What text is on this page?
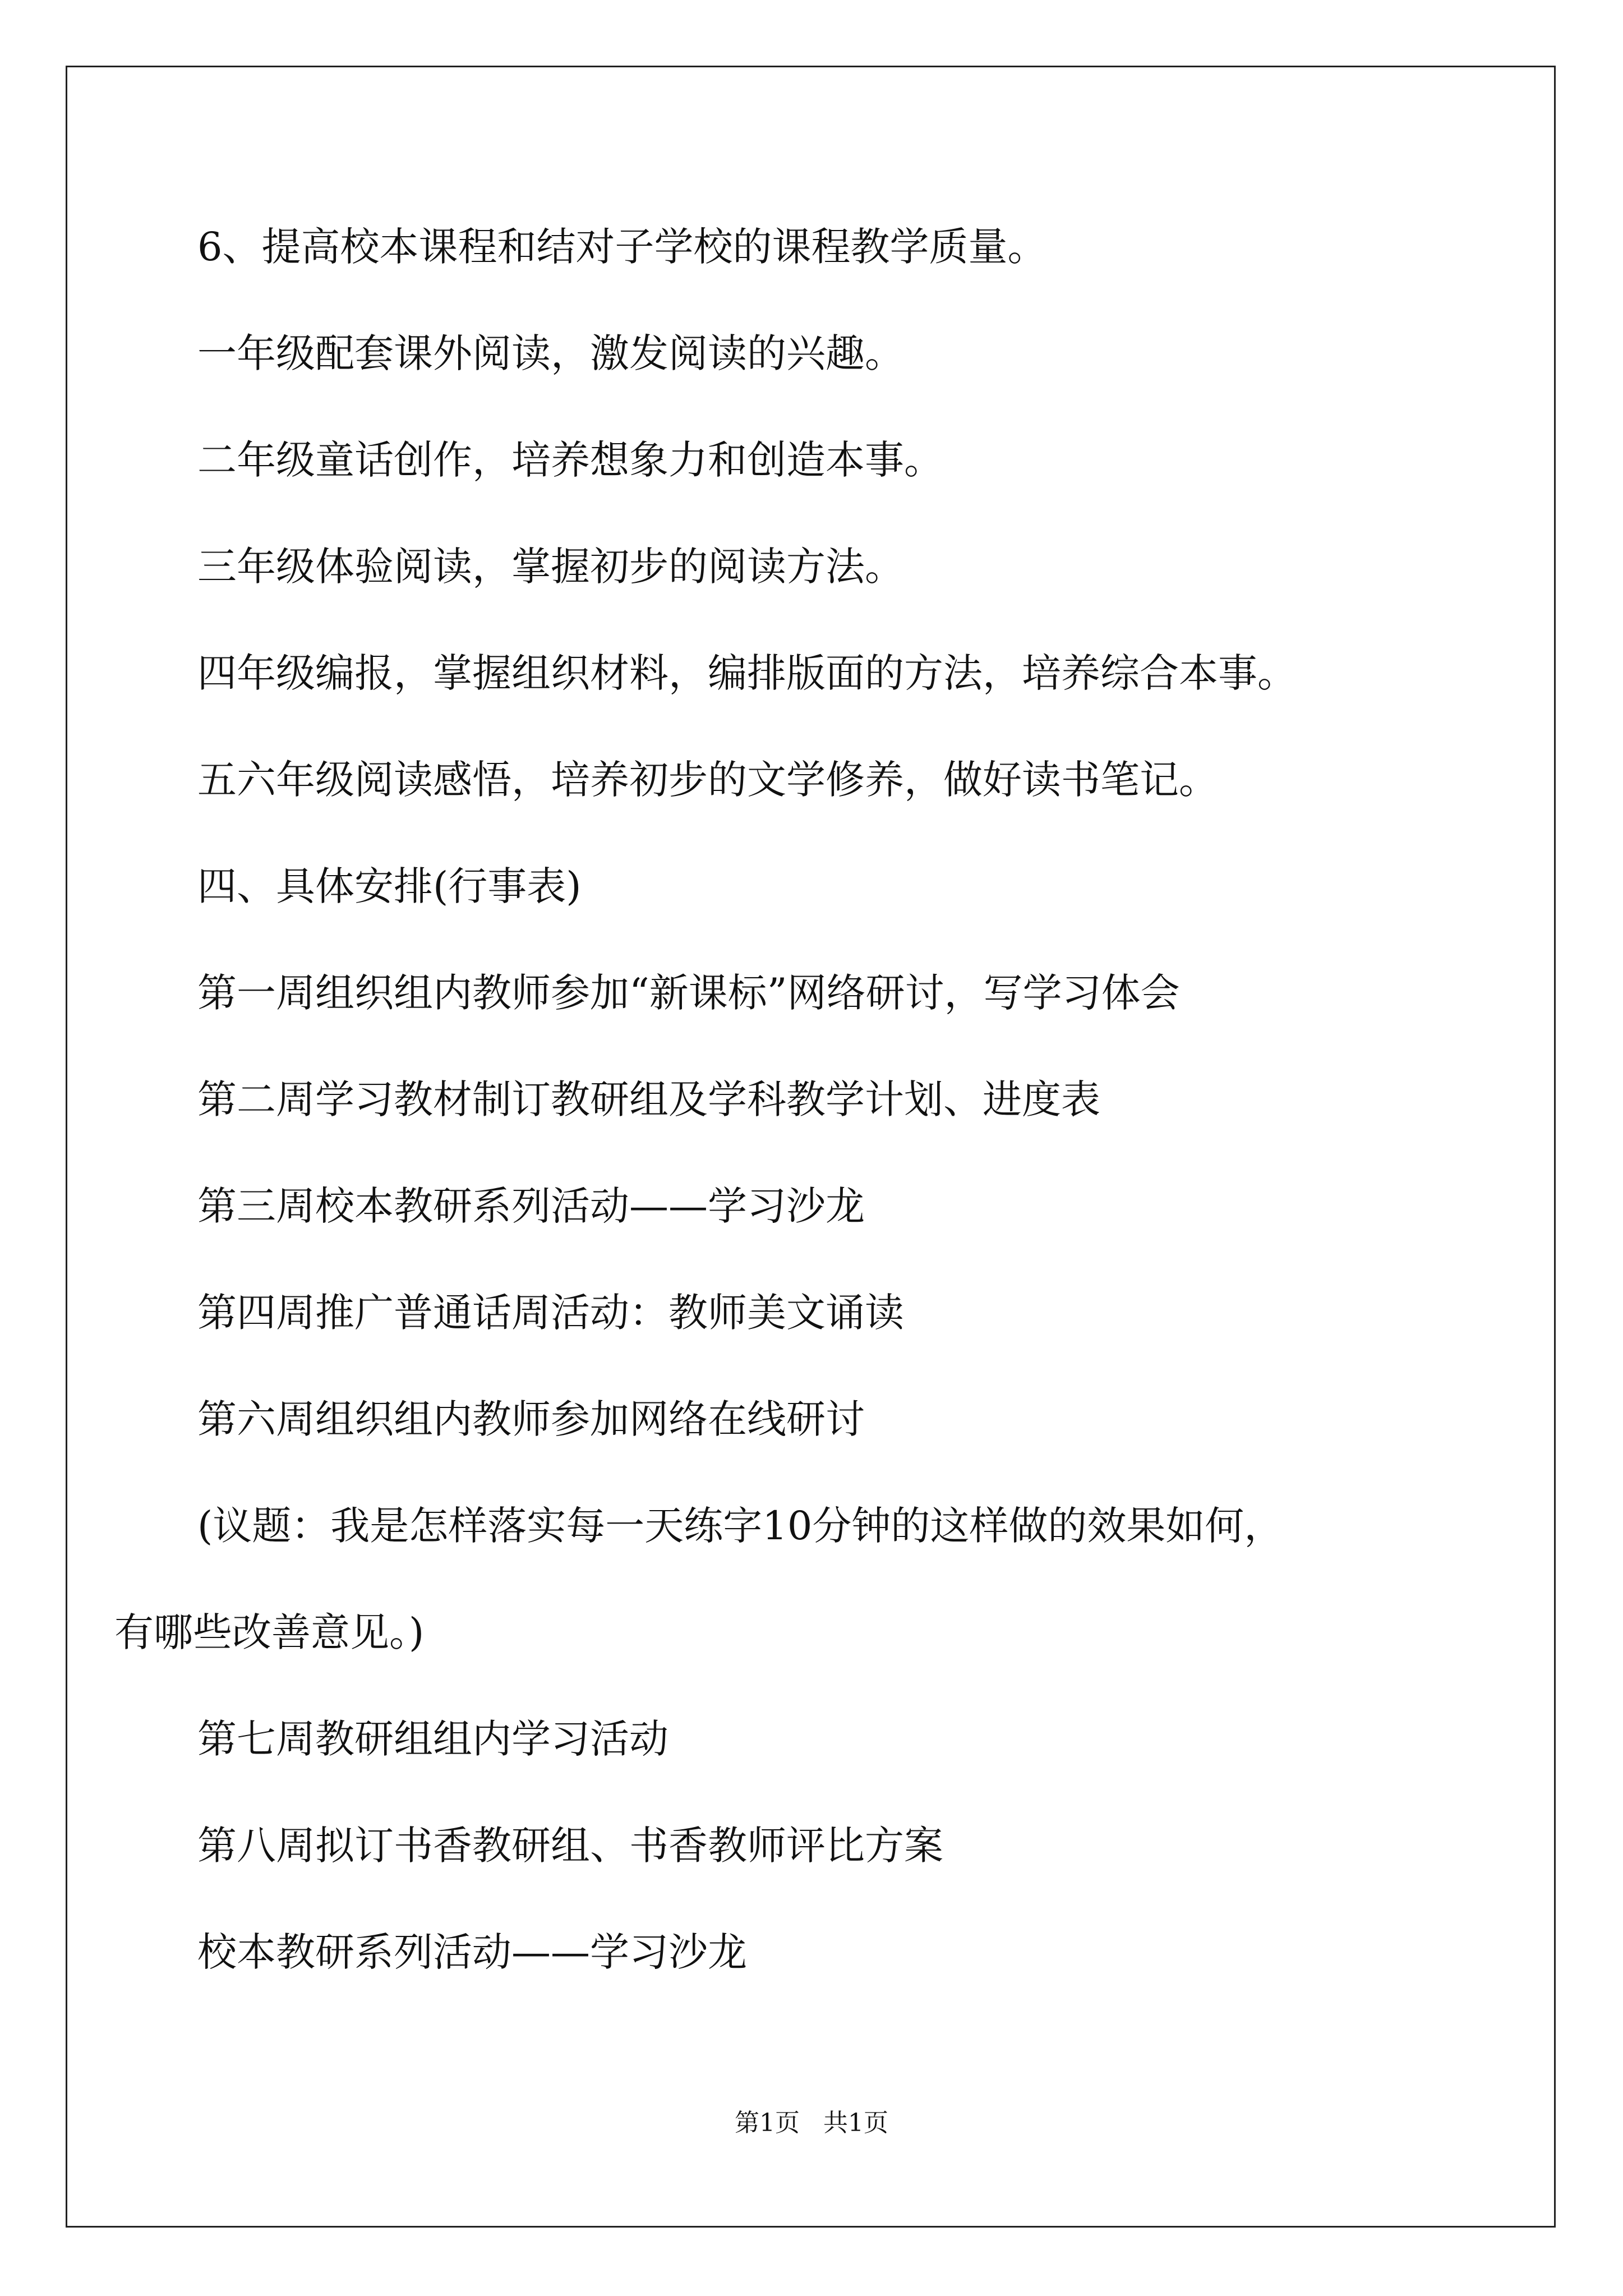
6、提高校本课程和结对子学校的课程教学质量。
一年级配套课外阅读，激发阅读的兴趣。
二年级童话创作，培养想象力和创造本事。
三年级体验阅读，掌握初步的阅读方法。
四年级编报，掌握组织材料，编排版面的方法，培养综合本事。
五六年级阅读感悟，培养初步的文学修养，做好读书笔记。
四、具体安排(行事表)
第一周组织组内教师参加“新课标”网络研讨，写学习体会
第二周学习教材制订教研组及学科教学计划、进度表
第三周校本教研系列活动——学习沙龙
第四周推广普通话周活动：教师美文诵读
第六周组织组内教师参加网络在线研讨
(议题：我是怎样落实每一天练字10分钟的这样做的效果如何，
有哪些改善意见。)
第七周教研组组内学习活动
第八周拟订书香教研组、书香教师评比方案
校本教研系列活动——学习沙龙
第1页   共1页
